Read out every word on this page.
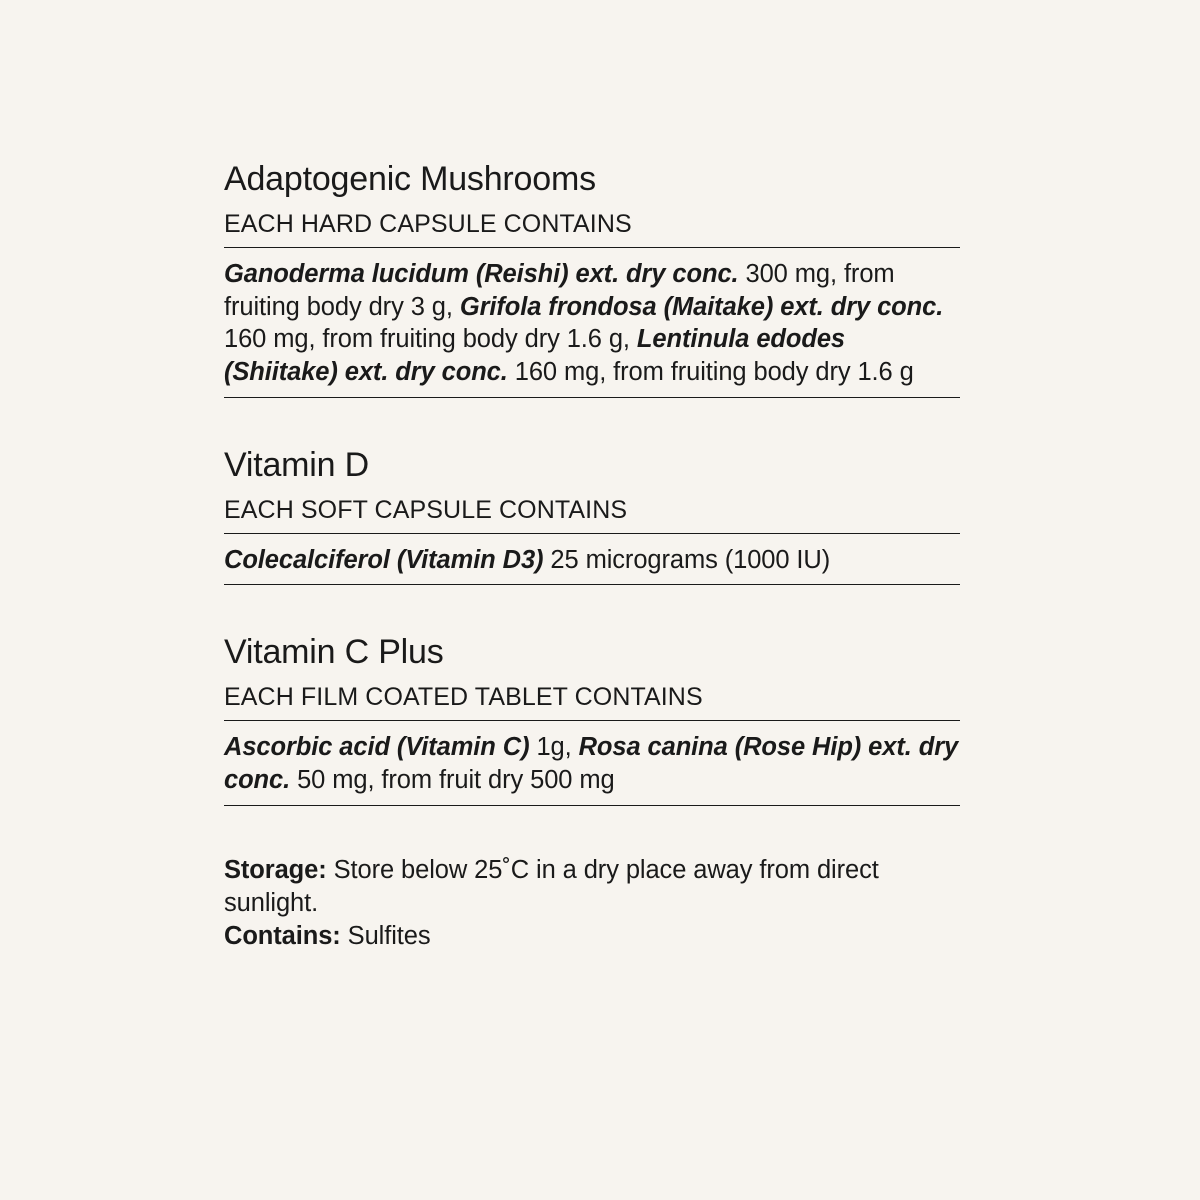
Adaptogenic Mushrooms
EACH HARD CAPSULE CONTAINS

Ganoderma lucidum (Reishi) ext. dry conc. 300 mg, from fruiting body dry 3 g, Grifola frondosa (Maitake) ext. dry conc. 160 mg, from fruiting body dry 1.6 g, Lentinula edodes (Shiitake) ext. dry conc. 160 mg, from fruiting body dry 1.6 g

Vitamin D
EACH SOFT CAPSULE CONTAINS

Colecalciferol (Vitamin D3) 25 micrograms (1000 IU)

Vitamin C Plus
EACH FILM COATED TABLET CONTAINS

Ascorbic acid (Vitamin C) 1g, Rosa canina (Rose Hip) ext. dry conc. 50 mg, from fruit dry 500 mg

Storage: Store below 25˚C in a dry place away from direct sunlight.

Contains: Sulfites
